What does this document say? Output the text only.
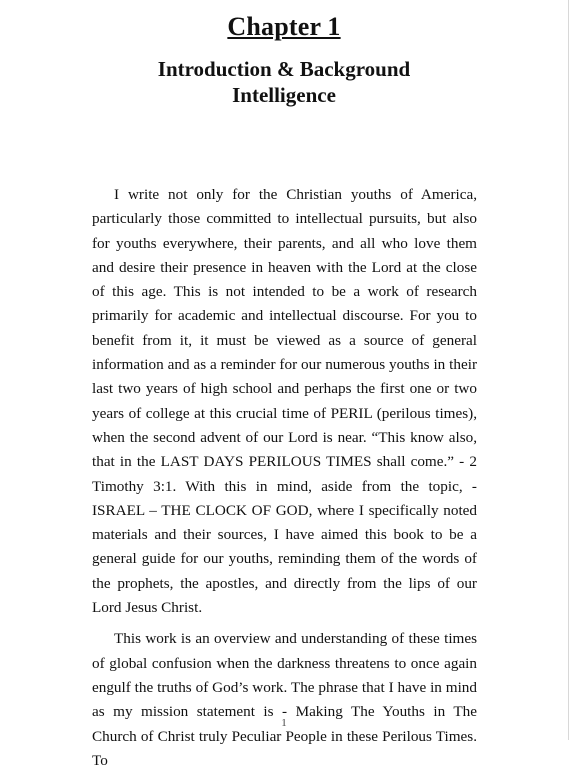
Chapter 1
Introduction & Background
Intelligence

I write not only for the Christian youths of America, particularly those committed to intellectual pursuits, but also for youths everywhere, their parents, and all who love them and desire their presence in heaven with the Lord at the close of this age. This is not intended to be a work of research primarily for academic and intellectual discourse. For you to benefit from it, it must be viewed as a source of general information and as a reminder for our numerous youths in their last two years of high school and perhaps the first one or two years of college at this crucial time of PERIL (perilous times), when the second advent of our Lord is near. “This know also, that in the LAST DAYS PERILOUS TIMES shall come.” - 2 Timothy 3:1. With this in mind, aside from the topic, - ISRAEL – THE CLOCK OF GOD, where I specifically noted materials and their sources, I have aimed this book to be a general guide for our youths, reminding them of the words of the prophets, the apostles, and directly from the lips of our Lord Jesus Christ.

This work is an overview and understanding of these times of global confusion when the darkness threatens to once again engulf the truths of God’s work. The phrase that I have in mind as my mission statement is - Making The Youths in The Church of Christ truly Peculiar People in these Perilous Times. To

1
